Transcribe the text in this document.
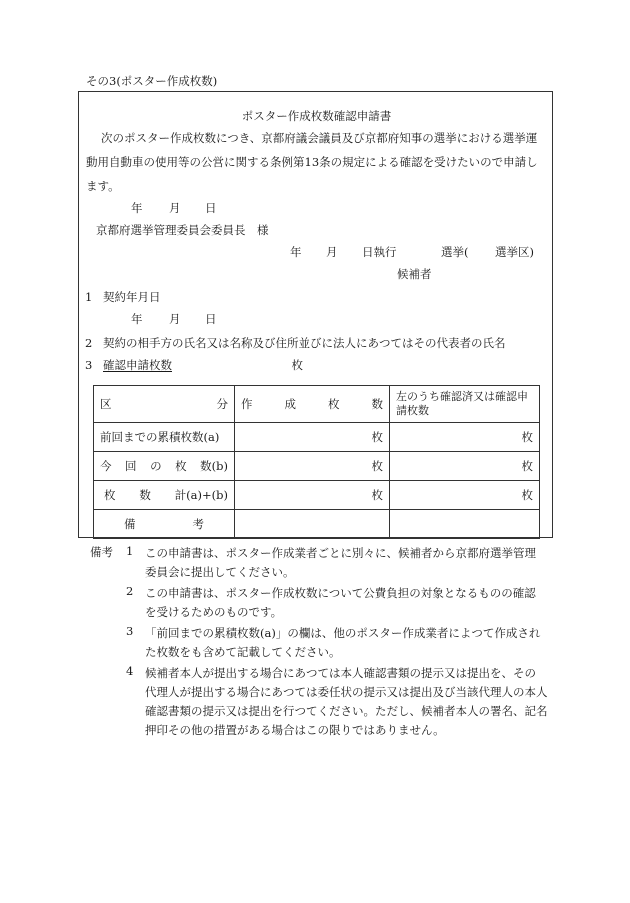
その3(ポスター作成枚数)
ポスター作成枚数確認申請書
次のポスター作成枚数につき、京都府議会議員及び京都府知事の選挙における選挙運
動用自動車の使用等の公営に関する条例第13条の規定による確認を受けたいので申請し
ます。
年 月 日
京都府選挙管理委員会委員長　様
年 月 日執行	選挙( 選挙区)
候補者
1 契約年月日
年 月 日
2 契約の相手方の氏名又は名称及び住所並びに法人にあつてはその代表者の氏名
3 確認申請枚数	枚
区 分	作 成 枚 数	左のうち確認済又は確認申請枚数

前回までの累積枚数(a)	枚	枚

今 回 の 枚 数(b)	枚	枚

枚 数 計(a)+(b)	枚	枚

備 考		

備考 1 この申請書は、ポスター作成業者ごとに別々に、候補者から京都府選挙管理
委員会に提出してください。
2 この申請書は、ポスター作成枚数について公費負担の対象となるものの確認
を受けるためのものです。
3 「前回までの累積枚数(a)」の欄は、他のポスター作成業者によつて作成され
た枚数をも含めて記載してください。
4 候補者本人が提出する場合にあつては本人確認書類の提示又は提出を、その
代理人が提出する場合にあつては委任状の提示又は提出及び当該代理人の本人
確認書類の提示又は提出を行つてください。ただし、候補者本人の署名、記名
押印その他の措置がある場合はこの限りではありません。
